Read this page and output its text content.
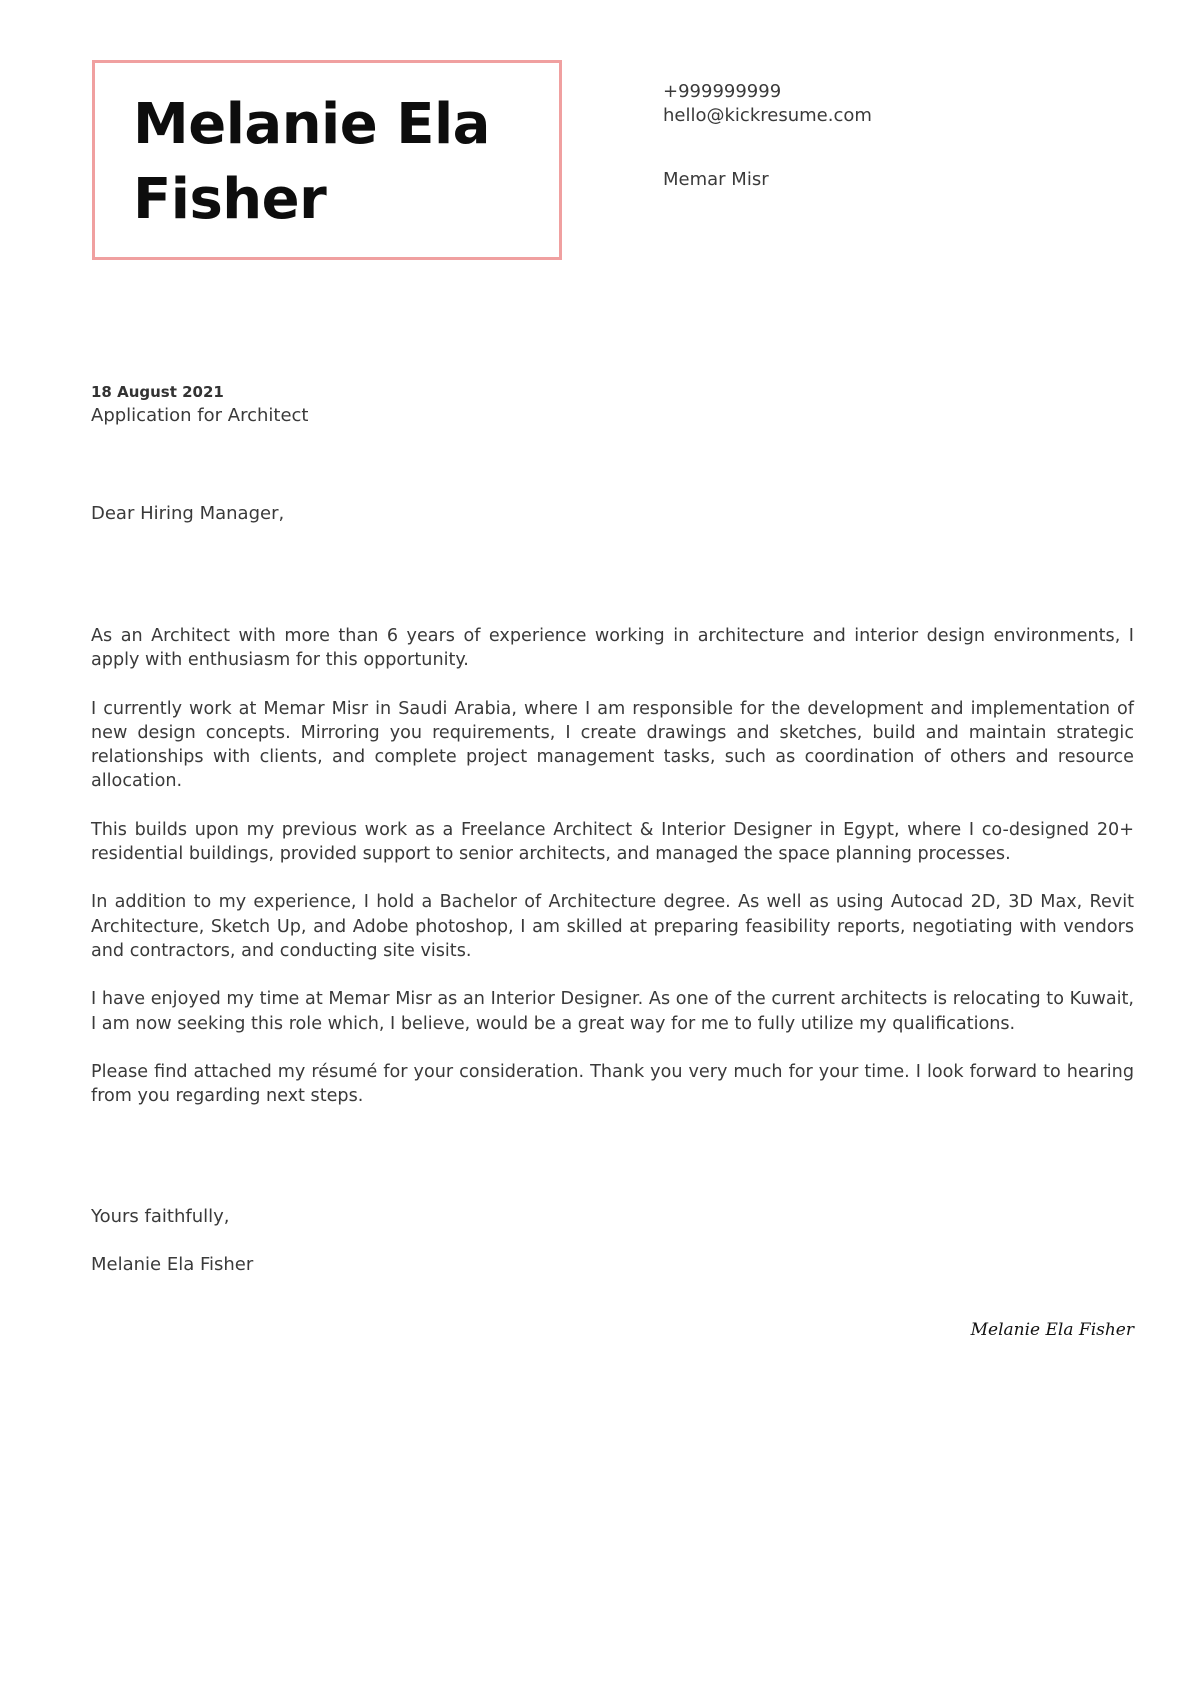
Melanie Ela
Fisher
+999999999
hello@kickresume.com
Memar Misr
18 August 2021
Application for Architect
Dear Hiring Manager,

As an Architect with more than 6 years of experience working in architecture and interior design environments, I apply with enthusiasm for this opportunity.

I currently work at Memar Misr in Saudi Arabia, where I am responsible for the development and implementation of new design concepts. Mirroring you requirements, I create drawings and sketches, build and maintain strategic relationships with clients, and complete project management tasks, such as coordination of others and resource allocation.

This builds upon my previous work as a Freelance Architect & Interior Designer in Egypt, where I co-designed 20+ residential buildings, provided support to senior architects, and managed the space planning processes.

In addition to my experience, I hold a Bachelor of Architecture degree. As well as using Autocad 2D, 3D Max, Revit Architecture, Sketch Up, and Adobe photoshop, I am skilled at preparing feasibility reports, negotiating with vendors and contractors, and conducting site visits.

I have enjoyed my time at Memar Misr as an Interior Designer. As one of the current architects is relocating to Kuwait, I am now seeking this role which, I believe, would be a great way for me to fully utilize my qualifications.

Please find attached my résumé for your consideration. Thank you very much for your time. I look forward to hearing from you regarding next steps.

Yours faithfully,
Melanie Ela Fisher
Melanie Ela Fisher
